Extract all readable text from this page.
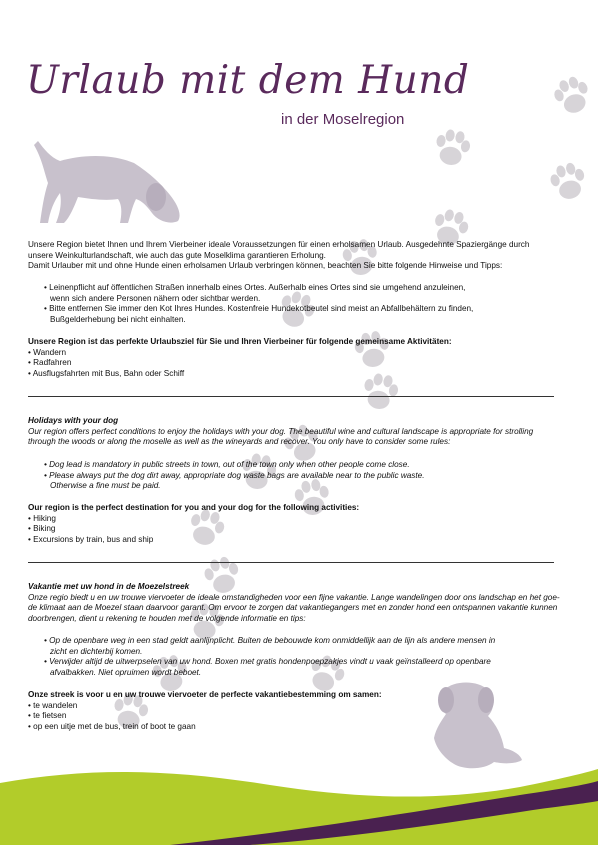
Urlaub mit dem Hund
in der Moselregion
Unsere Region bietet Ihnen und Ihrem Vierbeiner ideale Voraussetzungen für einen erholsamen Urlaub. Ausgedehnte Spaziergänge durch
unsere Weinkulturlandschaft, wie auch das gute Moselklima garantieren Erholung.
Damit Urlauber mit und ohne Hunde einen erholsamen Urlaub verbringen können, beachten Sie bitte folgende Hinweise und Tipps:
• Leinenpflicht auf öffentlichen Straßen innerhalb eines Ortes. Außerhalb eines Ortes sind sie umgehend anzuleinen,
wenn sich andere Personen nähern oder sichtbar werden.
• Bitte entfernen Sie immer den Kot Ihres Hundes. Kostenfreie Hundekotbeutel sind meist an Abfallbehältern zu finden,
Bußgelderhebung bei nicht einhalten.
Unsere Region ist das perfekte Urlaubsziel für Sie und Ihren Vierbeiner für folgende gemeinsame Aktivitäten:
• Wandern
• Radfahren
• Ausflugsfahrten mit Bus, Bahn oder Schiff
Holidays with your dog
Our region offers perfect conditions to enjoy the holidays with your dog. The beautiful wine and cultural landscape is appropriate for strolling
through the woods or along the moselle as well as the wineyards and recover. You only have to consider some rules:
• Dog lead is mandatory in public streets in town, out of the town only when other people come close.
• Please always put the dog dirt away, appropriate dog waste bags are available near to the public waste.
Otherwise a fine must be paid.
Our region is the perfect destination for you and your dog for the following activities:
• Hiking
• Biking
• Excursions by train, bus and ship
Vakantie met uw hond in de Moezelstreek
Onze regio biedt u en uw trouwe viervoeter de ideale omstandigheden voor een fijne vakantie. Lange wandelingen door ons landschap en het goe-
de klimaat aan de Moezel staan daarvoor garant. Om ervoor te zorgen dat vakantiegangers met en zonder hond een ontspannen vakantie kunnen
doorbrengen, dient u rekening te houden met de volgende informatie en tips:
• Op de openbare weg in een stad geldt aanlijnplicht. Buiten de bebouwde kom onmiddellijk aan de lijn als andere mensen in
zicht en dichterbij komen.
• Verwijder altijd de uitwerpselen van uw hond. Boxen met gratis hondenpoepzakjes vindt u vaak geïnstalleerd op openbare
afvalbakken. Niet opruimen wordt beboet.
Onze streek is voor u en uw trouwe viervoeter de perfecte vakantiebestemming om samen:
• te wandelen
• te fietsen
• op een uitje met de bus, trein of boot te gaan
